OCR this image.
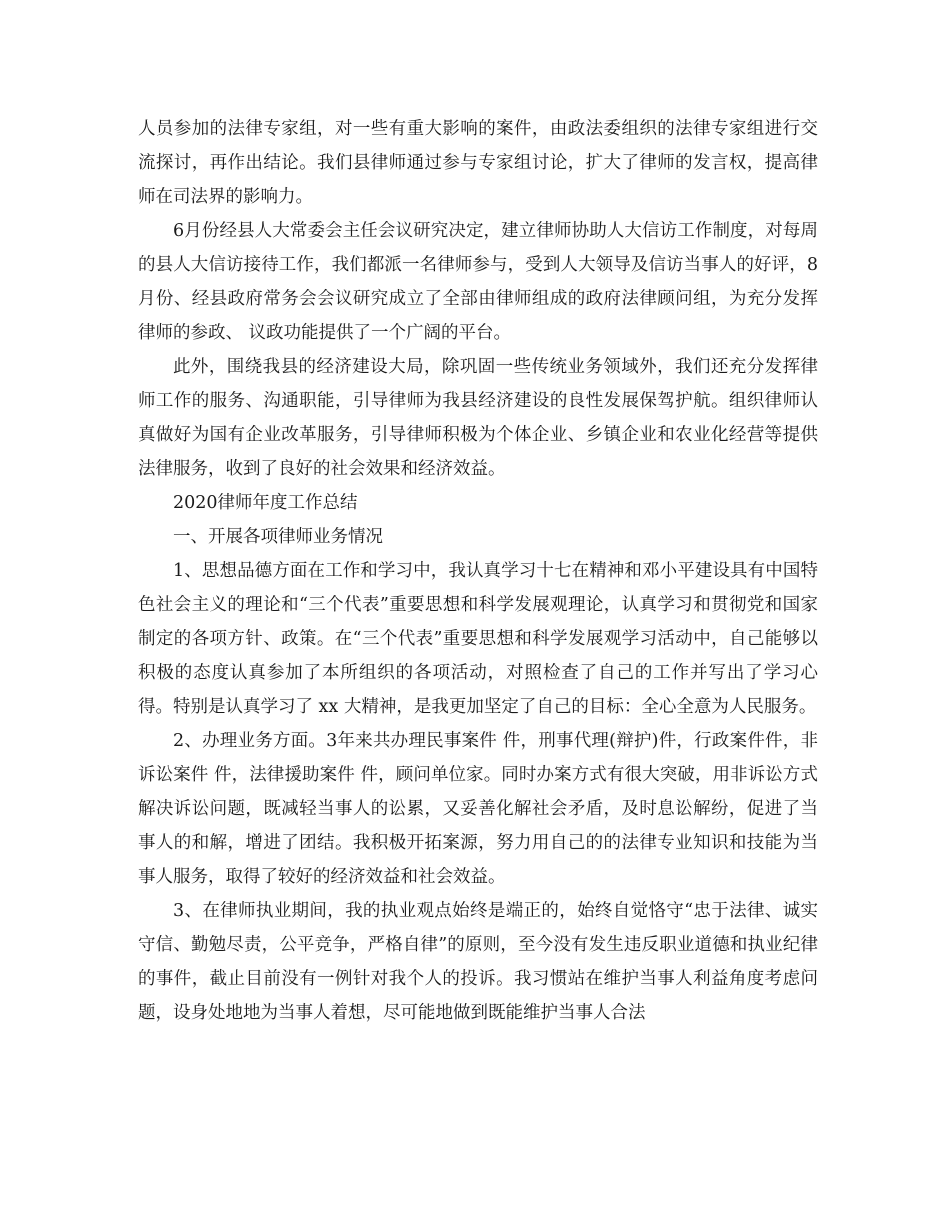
人员参加的法律专家组，对一些有重大影响的案件，由政法委组织的法律专家组进行交流探讨，再作出结论。我们县律师通过参与专家组讨论，扩大了律师的发言权，提高律师在司法界的影响力。

6月份经县人大常委会主任会议研究决定，建立律师协助人大信访工作制度，对每周的县人大信访接待工作，我们都派一名律师参与，受到人大领导及信访当事人的好评，8月份、经县政府常务会会议研究成立了全部由律师组成的政府法律顾问组，为充分发挥律师的参政、 议政功能提供了一个广阔的平台。

此外，围绕我县的经济建设大局，除巩固一些传统业务领域外，我们还充分发挥律师工作的服务、沟通职能，引导律师为我县经济建设的良性发展保驾护航。组织律师认真做好为国有企业改革服务，引导律师积极为个体企业、乡镇企业和农业化经营等提供法律服务，收到了良好的社会效果和经济效益。

2020律师年度工作总结

一、开展各项律师业务情况

1、思想品德方面在工作和学习中，我认真学习十七在精神和邓小平建设具有中国特色社会主义的理论和“三个代表”重要思想和科学发展观理论，认真学习和贯彻党和国家制定的各项方针、政策。在“三个代表”重要思想和科学发展观学习活动中，自己能够以积极的态度认真参加了本所组织的各项活动，对照检查了自己的工作并写出了学习心得。特别是认真学习了 xx 大精神，是我更加坚定了自己的目标：全心全意为人民服务。

2、办理业务方面。3年来共办理民事案件 件，刑事代理(辩护)件，行政案件件，非诉讼案件 件，法律援助案件 件，顾问单位家。同时办案方式有很大突破，用非诉讼方式解决诉讼问题，既减轻当事人的讼累，又妥善化解社会矛盾，及时息讼解纷，促进了当事人的和解，增进了团结。我积极开拓案源，努力用自己的的法律专业知识和技能为当事人服务，取得了较好的经济效益和社会效益。

3、在律师执业期间，我的执业观点始终是端正的，始终自觉恪守“忠于法律、诚实守信、勤勉尽责，公平竞争，严格自律”的原则，至今没有发生违反职业道德和执业纪律的事件，截止目前没有一例针对我个人的投诉。我习惯站在维护当事人利益角度考虑问题，设身处地地为当事人着想，尽可能地做到既能维护当事人合法
